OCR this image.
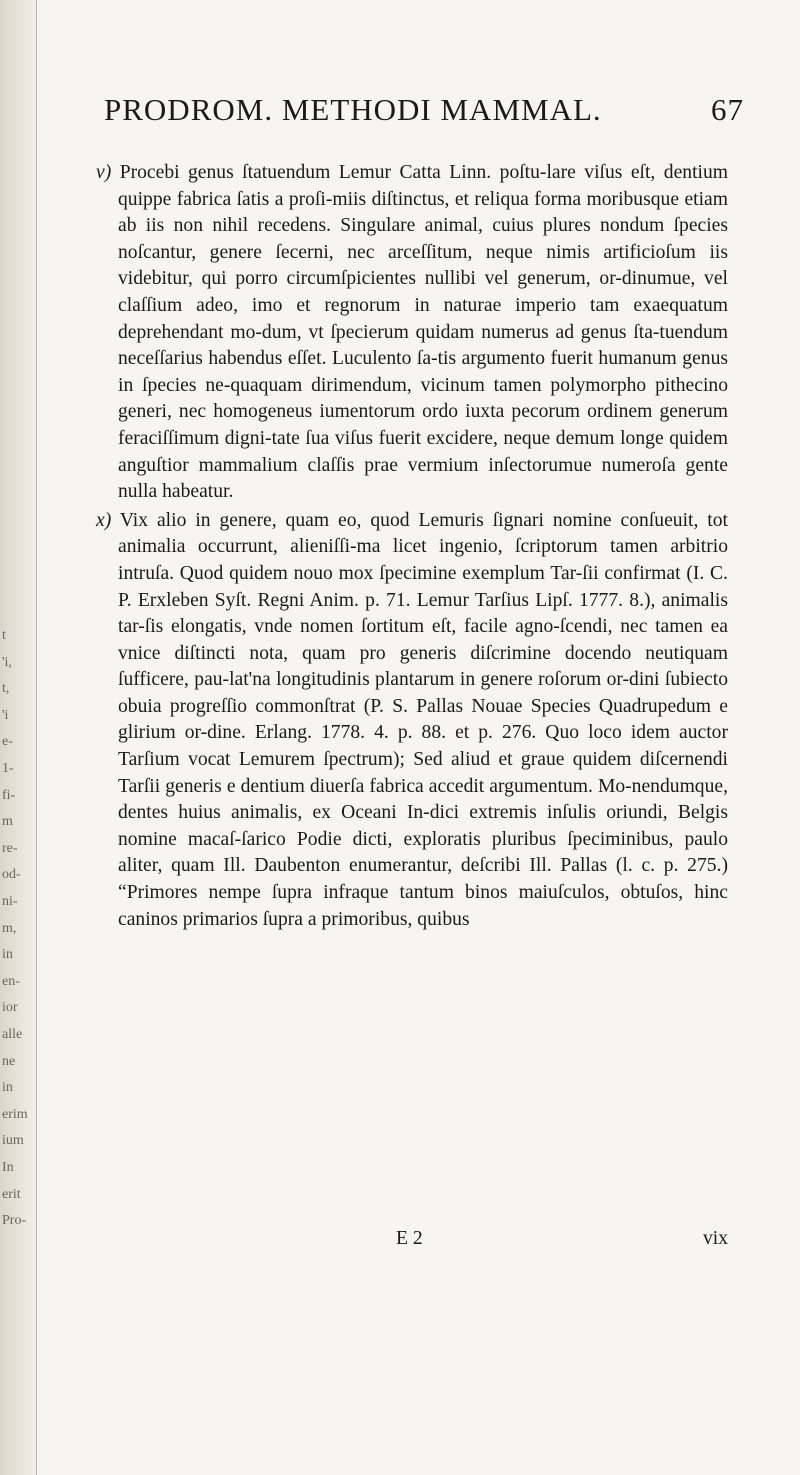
t
'i,
t,
'i
e-
1-
fi-
m
re-
od-
ni-
m,
in
en-
ior
alle
ne
in
erim
ium
In
erit
Pro-
PRODROM. METHODI MAMMAL.	67

v) Procebi genus ſtatuendum Lemur Catta Linn. poſtu-lare viſus eſt, dentium quippe fabrica ſatis a proſi-miis diſtinctus, et reliqua forma moribusque etiam ab iis non nihil recedens. Singulare animal, cuius plures nondum ſpecies noſcantur, genere ſecerni, nec arceſſitum, neque nimis artificioſum iis videbitur, qui porro circumſpicientes nullibi vel generum, or-dinumue, vel claſſium adeo, imo et regnorum in naturae imperio tam exaequatum deprehendant mo-dum, vt ſpecierum quidam numerus ad genus ſta-tuendum neceſſarius habendus eſſet. Luculento ſa-tis argumento fuerit humanum genus in ſpecies ne-quaquam dirimendum, vicinum tamen polymorpho pithecino generi, nec homogeneus iumentorum ordo iuxta pecorum ordinem generum feraciſſimum digni-tate ſua viſus fuerit excidere, neque demum longe quidem anguſtior mammalium claſſis prae vermium inſectorumue numeroſa gente nulla habeatur.

x) Vix alio in genere, quam eo, quod Lemuris ſignari nomine conſueuit, tot animalia occurrunt, alieniſſi-ma licet ingenio, ſcriptorum tamen arbitrio intruſa. Quod quidem nouo mox ſpecimine exemplum Tar-ſii confirmat (I. C. P. Erxleben Syſt. Regni Anim. p. 71. Lemur Tarſius Lipſ. 1777. 8.), animalis tar-ſis elongatis, vnde nomen ſortitum eſt, facile agno-ſcendi, nec tamen ea vnice diſtincti nota, quam pro generis diſcrimine docendo neutiquam ſufficere, pau-lat'na longitudinis plantarum in genere roſorum or-dini ſubiecto obuia progreſſio commonſtrat (P. S. Pallas Nouae Species Quadrupedum e glirium or-dine. Erlang. 1778. 4. p. 88. et p. 276. Quo loco idem auctor Tarſium vocat Lemurem ſpectrum); Sed aliud et graue quidem diſcernendi Tarſii generis e dentium diuerſa fabrica accedit argumentum. Mo-nendumque, dentes huius animalis, ex Oceani In-dici extremis inſulis oriundi, Belgis nomine macaſ-ſarico Podie dicti, exploratis pluribus ſpeciminibus, paulo aliter, quam Ill. Daubenton enumerantur, deſcribi Ill. Pallas (l. c. p. 275.) “Primores nempe ſupra infraque tantum binos maiuſculos, obtuſos, hinc caninos primarios ſupra a primoribus, quibus

E 2	vix
